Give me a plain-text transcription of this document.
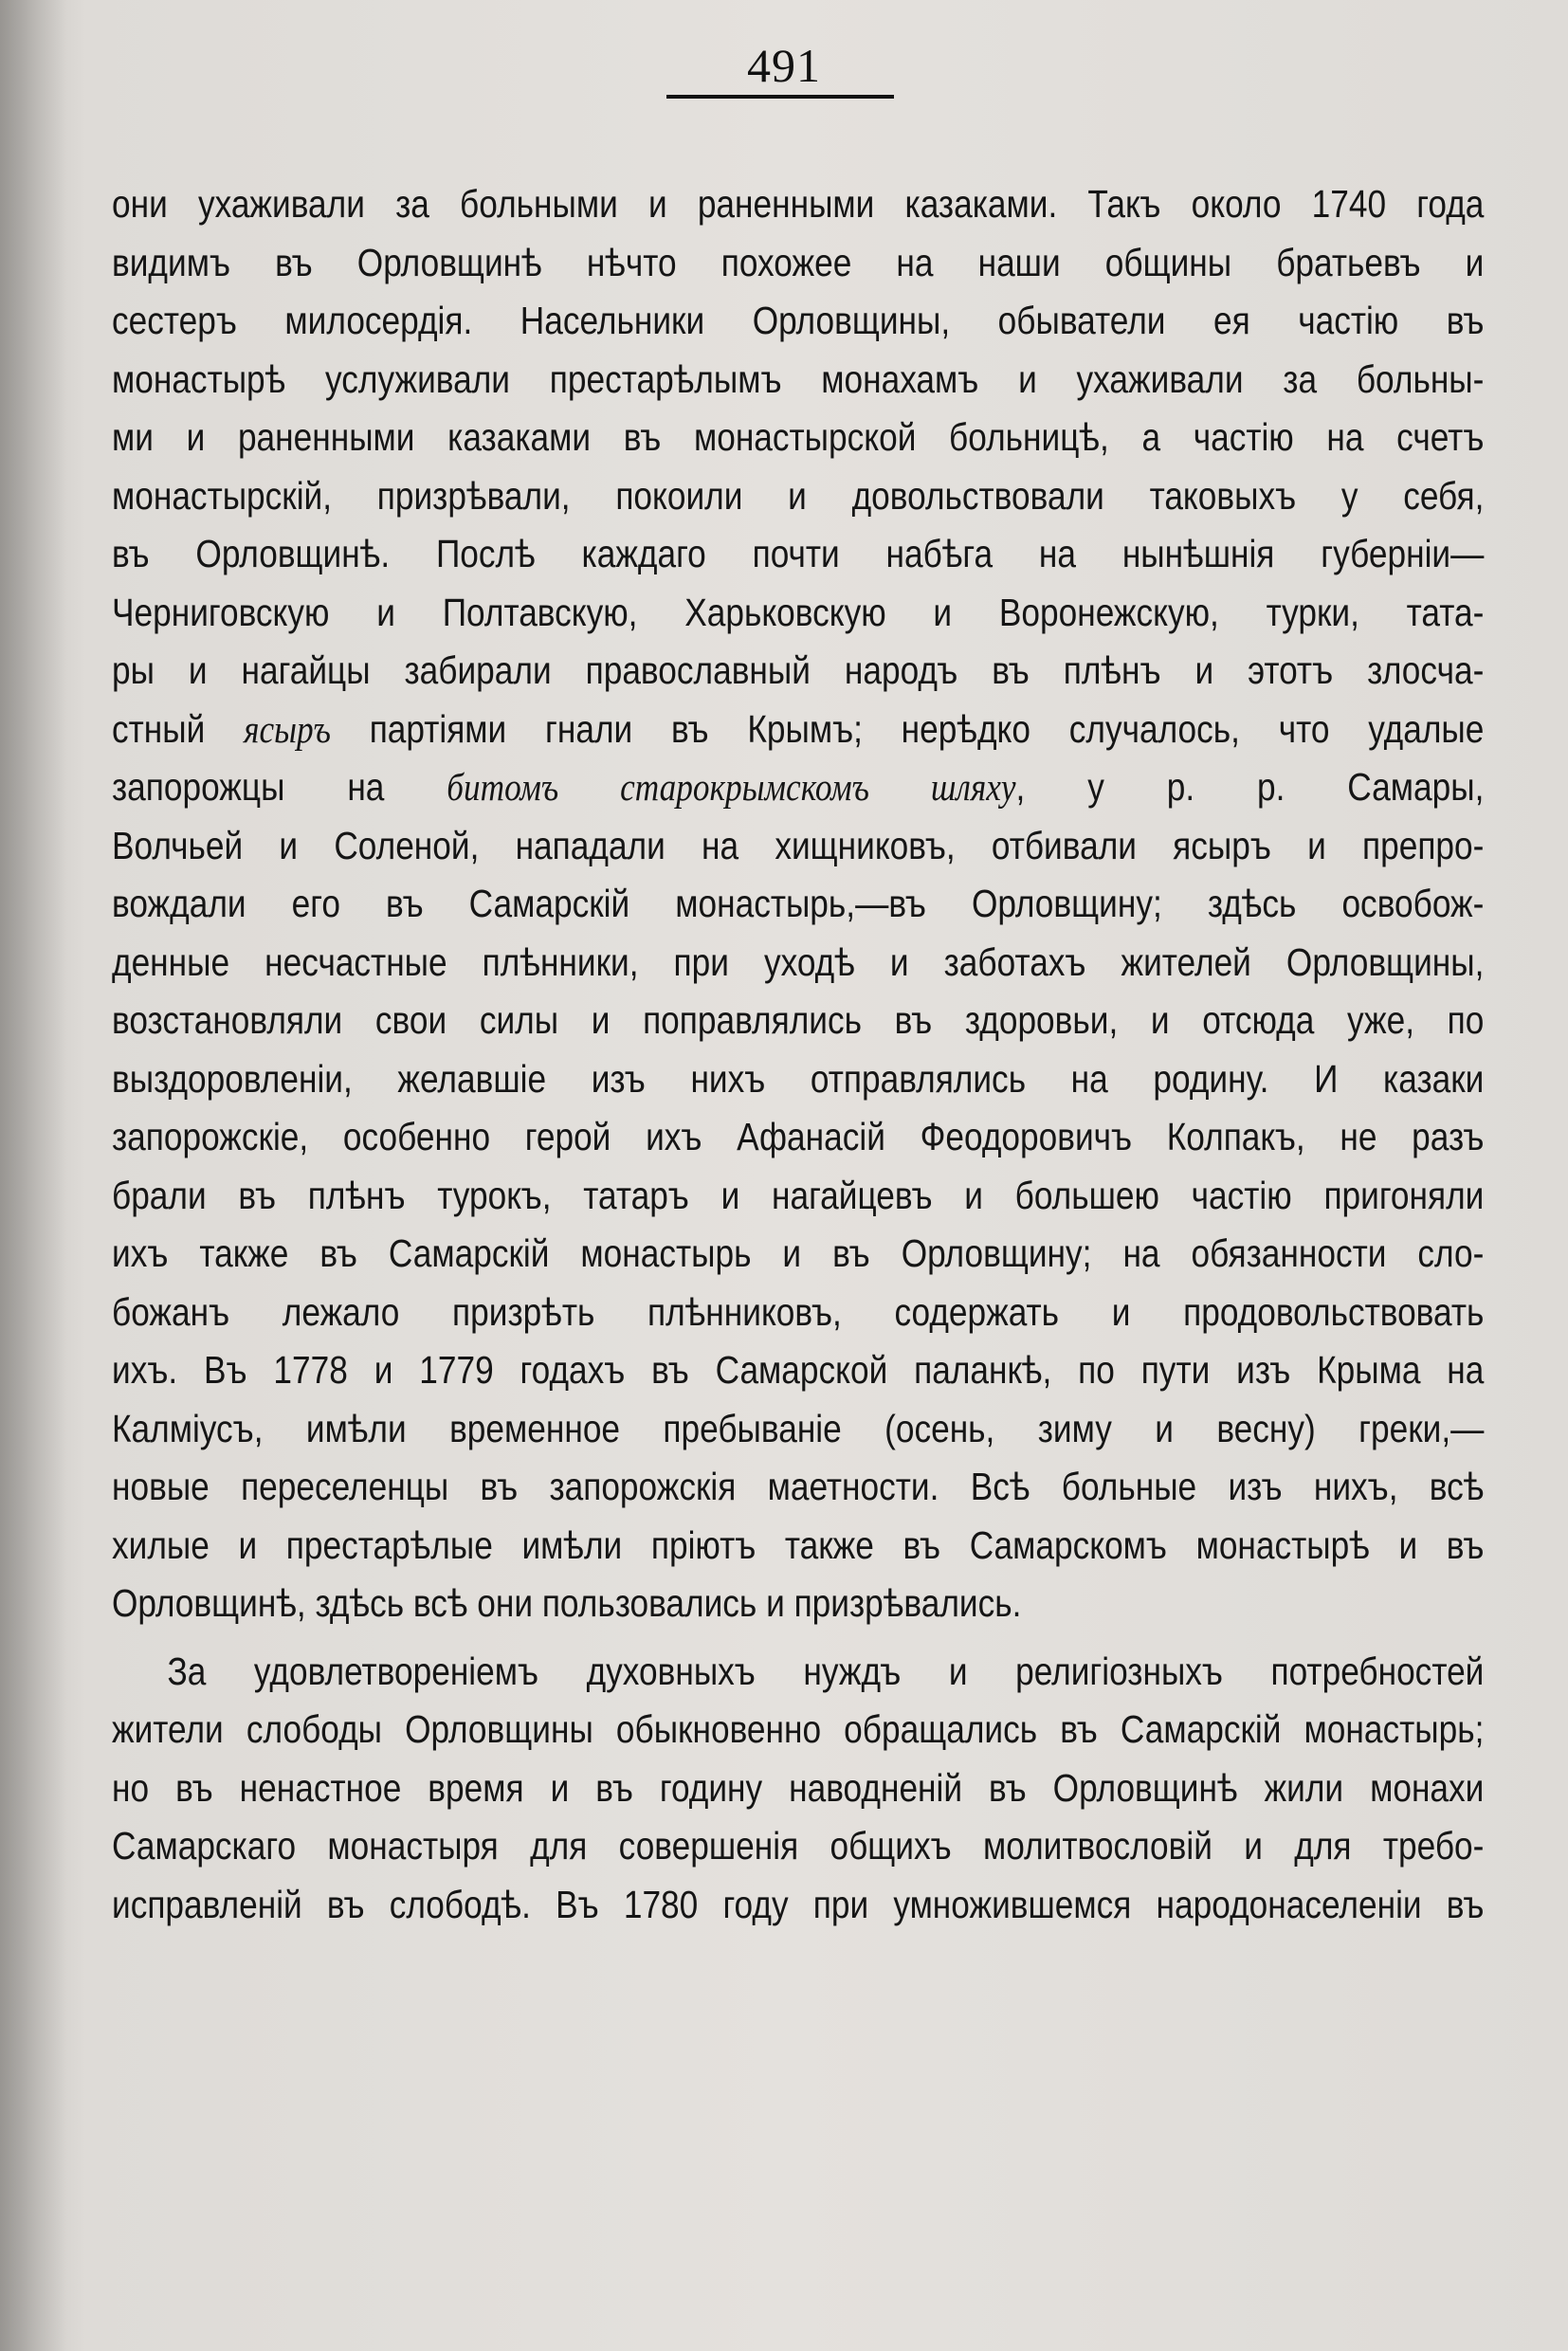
491
они ухаживали за больными и раненными казаками. Такъ около 1740 года
видимъ въ Орловщинѣ нѣчто похожее на наши общины братьевъ и
сестеръ милосердія. Насельники Орловщины, обыватели ея частію въ
монастырѣ услуживали престарѣлымъ монахамъ и ухаживали за больны-
ми и раненными казаками въ монастырской больницѣ, а частію на счетъ
монастырскій, призрѣвали, покоили и довольствовали таковыхъ у себя,
въ Орловщинѣ. Послѣ каждаго почти набѣга на нынѣшнія губерніи—
Черниговскую и Полтавскую, Харьковскую и Воронежскую, турки, тата-
ры и нагайцы забирали православный народъ въ плѣнъ и этотъ злосча-
стный ясыръ партіями гнали въ Крымъ; нерѣдко случалось, что удалые
запорожцы на битомъ старокрымскомъ шляху, у р. р. Самары,
Волчьей и Соленой, нападали на хищниковъ, отбивали ясыръ и препро-
вождали его въ Самарскій монастырь,—въ Орловщину; здѣсь освобож-
денные несчастные плѣнники, при уходѣ и заботахъ жителей Орловщины,
возстановляли свои силы и поправлялись въ здоровьи, и отсюда уже, по
выздоровленіи, желавшіе изъ нихъ отправлялись на родину. И казаки
запорожскіе, особенно герой ихъ Афанасій Феодоровичъ Колпакъ, не разъ
брали въ плѣнъ турокъ, татаръ и нагайцевъ и большею частію пригоняли
ихъ также въ Самарскій монастырь и въ Орловщину; на обязанности сло-
божанъ лежало призрѣть плѣнниковъ, содержать и продовольствовать
ихъ. Въ 1778 и 1779 годахъ въ Самарской паланкѣ, по пути изъ Крыма на
Калміусъ, имѣли временное пребываніе (осень, зиму и весну) греки,—
новые переселенцы въ запорожскія маетности. Всѣ больные изъ нихъ, всѣ
хилые и престарѣлые имѣли пріютъ также въ Самарскомъ монастырѣ и въ
Орловщинѣ, здѣсь всѣ они пользовались и призрѣвались.
За удовлетвореніемъ духовныхъ нуждъ и религіозныхъ потребностей
жители слободы Орловщины обыкновенно обращались въ Самарскій монастырь;
но въ ненастное время и въ годину наводненій въ Орловщинѣ жили монахи
Самарскаго монастыря для совершенія общихъ молитвословій и для требо-
исправленій въ слободѣ. Въ 1780 году при умножившемся народонаселеніи въ
